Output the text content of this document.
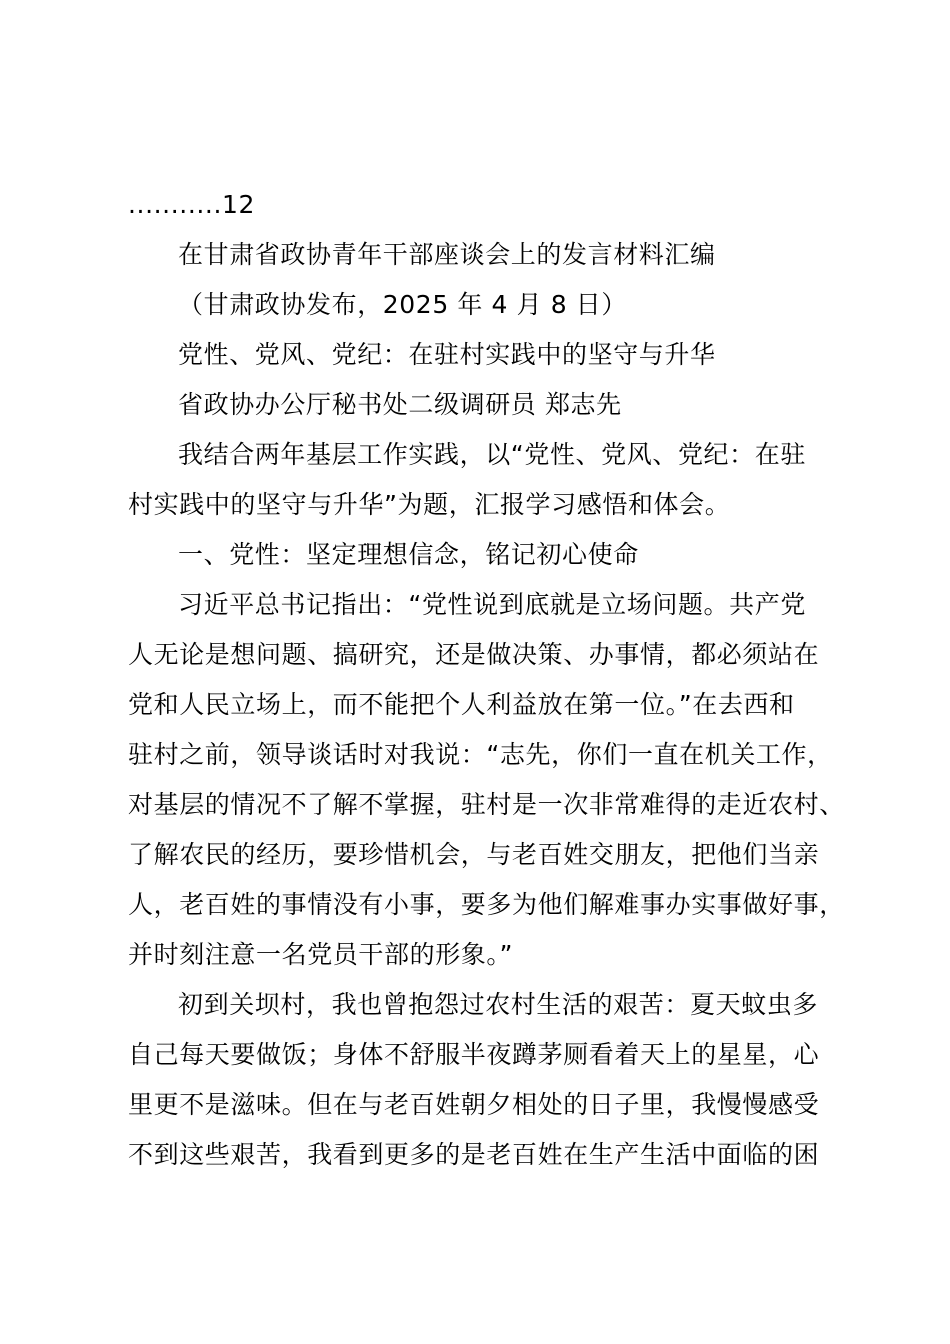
...........12
在甘肃省政协青年干部座谈会上的发言材料汇编
（甘肃政协发布，2025 年 4 月 8 日）
党性、党风、党纪：在驻村实践中的坚守与升华
省政协办公厅秘书处二级调研员 郑志先
我结合两年基层工作实践，以“党性、党风、党纪：在驻
村实践中的坚守与升华”为题，汇报学习感悟和体会。
一、党性：坚定理想信念，铭记初心使命
习近平总书记指出：“党性说到底就是立场问题。共产党
人无论是想问题、搞研究，还是做决策、办事情，都必须站在
党和人民立场上，而不能把个人利益放在第一位。”在去西和
驻村之前，领导谈话时对我说：“志先，你们一直在机关工作，
对基层的情况不了解不掌握，驻村是一次非常难得的走近农村、
了解农民的经历，要珍惜机会，与老百姓交朋友，把他们当亲
人，老百姓的事情没有小事，要多为他们解难事办实事做好事，
并时刻注意一名党员干部的形象。”
初到关坝村，我也曾抱怨过农村生活的艰苦：夏天蚊虫多
自己每天要做饭；身体不舒服半夜蹲茅厕看着天上的星星，心
里更不是滋味。但在与老百姓朝夕相处的日子里，我慢慢感受
不到这些艰苦，我看到更多的是老百姓在生产生活中面临的困
